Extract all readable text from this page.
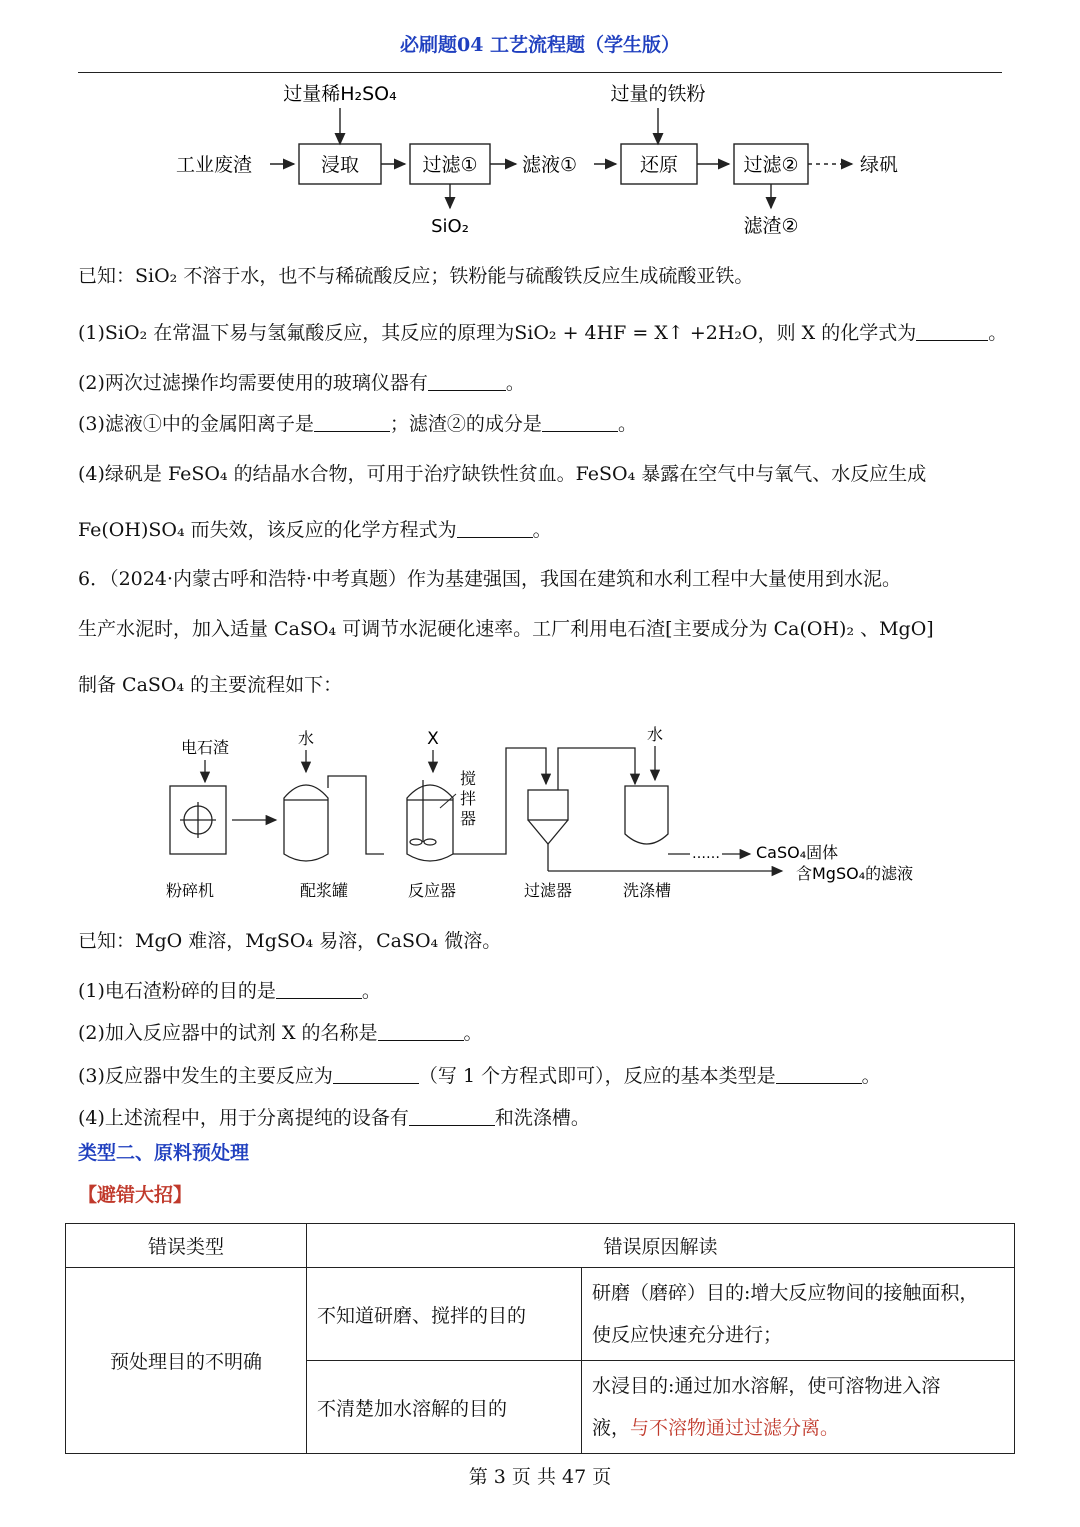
必刷题04 工艺流程题（学生版）
过量稀H₂SO₄	过量的铁粉
工业废渣	浸取	过滤① 滤液①	还原	过滤②	绿矾
SiO₂	滤渣②
已知：SiO₂ 不溶于水，也不与稀硫酸反应；铁粉能与硫酸铁反应生成硫酸亚铁。
(1)SiO₂ 在常温下易与氢氟酸反应，其反应的原理为SiO₂ + 4HF = X↑ +2H₂O，则 X 的化学式为	。
(2)两次过滤操作均需要使用的玻璃仪器有	。
(3)滤液①中的金属阳离子是	；滤渣②的成分是	。
(4)绿矾是 FeSO₄ 的结晶水合物，可用于治疗缺铁性贫血。FeSO₄ 暴露在空气中与氧气、水反应生成
Fe(OH)SO₄ 而失效，该反应的化学方程式为	。
6．（2024·内蒙古呼和浩特·中考真题）作为基建强国，我国在建筑和水利工程中大量使用到水泥。
生产水泥时，加入适量 CaSO₄ 可调节水泥硬化速率。工厂利用电石渣[主要成分为 Ca(OH)₂ 、MgO]
制备 CaSO₄ 的主要流程如下：
电石渣	水	X
搅
拌
器
水
…… CaSO₄固体
含MgSO₄的滤液
粉碎机	配浆罐	反应器	过滤器	洗涤槽
已知：MgO 难溶，MgSO₄ 易溶，CaSO₄ 微溶。
(1)电石渣粉碎的目的是	。
(2)加入反应器中的试剂 X 的名称是	。
(3)反应器中发生的主要反应为	（写 1 个方程式即可），反应的基本类型是	。
(4)上述流程中，用于分离提纯的设备有	和洗涤槽。
类型二、原料预处理
【避错大招】
错误类型	错误原因解读	
预处理目的不明确	不知道研磨、搅拌的目的	研磨（磨碎）目的:增大反应物间的接触面积，
使反应快速充分进行；
	不清楚加水溶解的目的	水浸目的:通过加水溶解，使可溶物进入溶
液，与不溶物通过过滤分离。
第 3 页 共 47 页
